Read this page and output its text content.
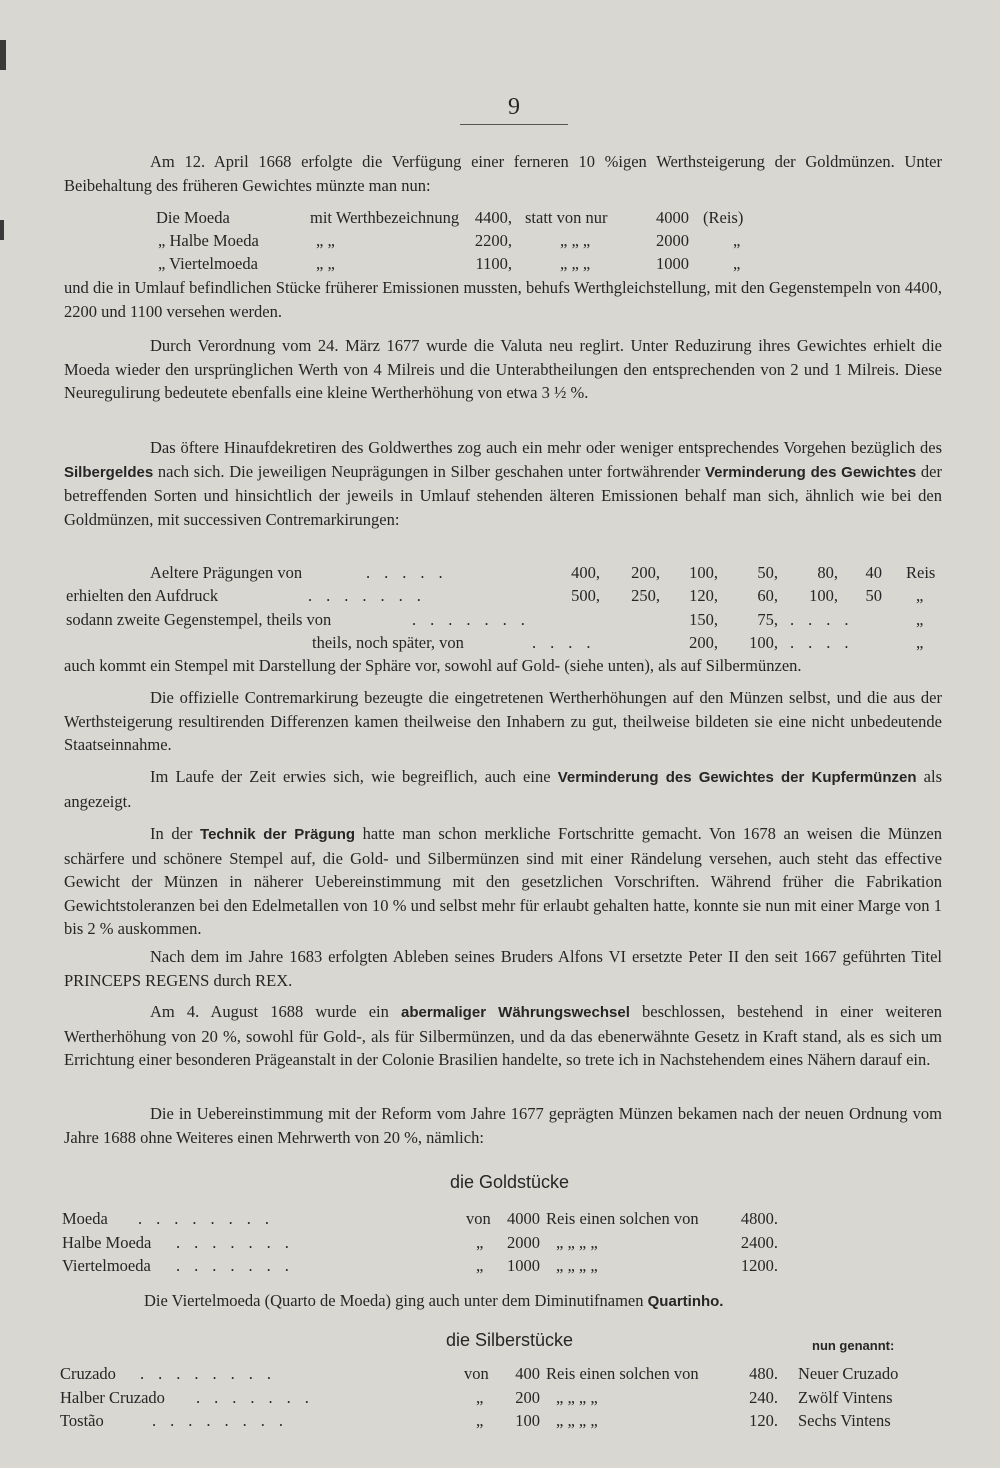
9
Am 12. April 1668 erfolgte die Verfügung einer ferneren 10 %igen Werthsteigerung der Goldmünzen. Unter Beibehaltung des früheren Gewichtes münzte man nun:
Die Moeda	mit Werthbezeichnung 4400, statt von nur	4000 (Reis)
„ Halbe Moeda	„ „	2200,	„ „ „	2000	„
„ Viertelmoeda	„ „	1100,	„ „ „	1000	„
und die in Umlauf befindlichen Stücke früherer Emissionen mussten, behufs Werthgleichstellung, mit den Gegenstempeln von 4400, 2200 und 1100 versehen werden.
Durch Verordnung vom 24. März 1677 wurde die Valuta neu reglirt. Unter Reduzirung ihres Gewichtes erhielt die Moeda wieder den ursprünglichen Werth von 4 Milreis und die Unterabtheilungen den entsprechenden von 2 und 1 Milreis. Diese Neuregulirung bedeutete ebenfalls eine kleine Wertherhöhung von etwa 3 ½ %.
Das öftere Hinaufdekretiren des Goldwerthes zog auch ein mehr oder weniger entsprechendes Vorgehen bezüglich des Silbergeldes nach sich. Die jeweiligen Neuprägungen in Silber geschahen unter fortwährender Verminderung des Gewichtes der betreffenden Sorten und hinsichtlich der jeweils in Umlauf stehenden älteren Emissionen behalf man sich, ähnlich wie bei den Goldmünzen, mit successiven Contremarkirungen:
Aeltere Prägungen von	.....	400,	200,	100,	50,	80,	40 Reis
erhielten den Aufdruck	.......	500,	250,	120,	60,	100,	50 „
sodann zweite Gegenstempel, theils von	.......	150,	75, ....	„
theils, noch später, von	....	200,	100, ....	„
auch kommt ein Stempel mit Darstellung der Sphäre vor, sowohl auf Gold- (siehe unten), als auf Silbermünzen.
Die offizielle Contremarkirung bezeugte die eingetretenen Wertherhöhungen auf den Münzen selbst, und die aus der Werthsteigerung resultirenden Differenzen kamen theilweise den Inhabern zu gut, theilweise bildeten sie eine nicht unbedeutende Staatseinnahme.
Im Laufe der Zeit erwies sich, wie begreiflich, auch eine Verminderung des Gewichtes der Kupfermünzen als angezeigt.
In der Technik der Prägung hatte man schon merkliche Fortschritte gemacht. Von 1678 an weisen die Münzen schärfere und schönere Stempel auf, die Gold- und Silbermünzen sind mit einer Rändelung versehen, auch steht das effective Gewicht der Münzen in näherer Uebereinstimmung mit den gesetzlichen Vorschriften. Während früher die Fabrikation Gewichtstoleranzen bei den Edelmetallen von 10 % und selbst mehr für erlaubt gehalten hatte, konnte sie nun mit einer Marge von 1 bis 2 % auskommen.
Nach dem im Jahre 1683 erfolgten Ableben seines Bruders Alfons VI ersetzte Peter II den seit 1667 geführten Titel PRINCEPS REGENS durch REX.
Am 4. August 1688 wurde ein abermaliger Währungswechsel beschlossen, bestehend in einer weiteren Wertherhöhung von 20 %, sowohl für Gold-, als für Silbermünzen, und da das ebenerwähnte Gesetz in Kraft stand, als es sich um Errichtung einer besonderen Prägeanstalt in der Colonie Brasilien handelte, so trete ich in Nachstehendem eines Nähern darauf ein.
Die in Uebereinstimmung mit der Reform vom Jahre 1677 geprägten Münzen bekamen nach der neuen Ordnung vom Jahre 1688 ohne Weiteres einen Mehrwerth von 20 %, nämlich:
die Goldstücke
Moeda ........	von 4000 Reis einen solchen von	4800.
Halbe Moeda .......	„	2000 „ „ „ „	2400.
Viertelmoeda .......	„	1000 „ „ „ „	1200.
Die Viertelmoeda (Quarto de Moeda) ging auch unter dem Diminutifnamen Quartinho.
die Silberstücke	nun genannt:
Cruzado ........	von	400 Reis einen solchen von	480. Neuer Cruzado
Halber Cruzado .......	„	200 „ „ „ „	240. Zwölf Vintens
Tostão	........	„	100 „ „ „ „	120. Sechs Vintens
